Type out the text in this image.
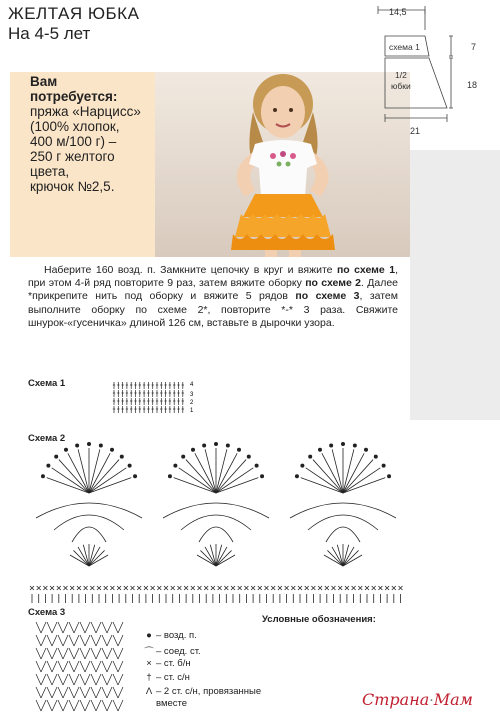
ЖЕЛТАЯ ЮБКА
На 4-5 лет
Вам
потребуется:
пряжа «Нарцисс»
(100% хлопок,
400 м/100 г) –
250 г желтого
цвета,
крючок №2,5.
14,5
схема 1
1/2
юбки
7
18
21
Наберите 160 возд. п. Замкните цепочку в круг и вяжите по схеме 1, при этом 4-й ряд повторите 9 раз, затем вяжите оборку по схеме 2. Далее *прикрепите нить под оборку и вяжите 5 рядов по схеме 3, затем выполните оборку по схеме 2*, повторите *-* 3 раза. Свяжите шнурок-«гусеничка» длиной 126 см, вставьте в дырочки узора.
Схема 1	4
3
2
1
Схема 2
Схема 3
Условные обозначения:
● – возд. п.
⌒ – соед. ст.
× – ст. б/н
† – ст. с/н
Λ – 2 ст. с/н, провязанные
вместе	Страна·Мам
